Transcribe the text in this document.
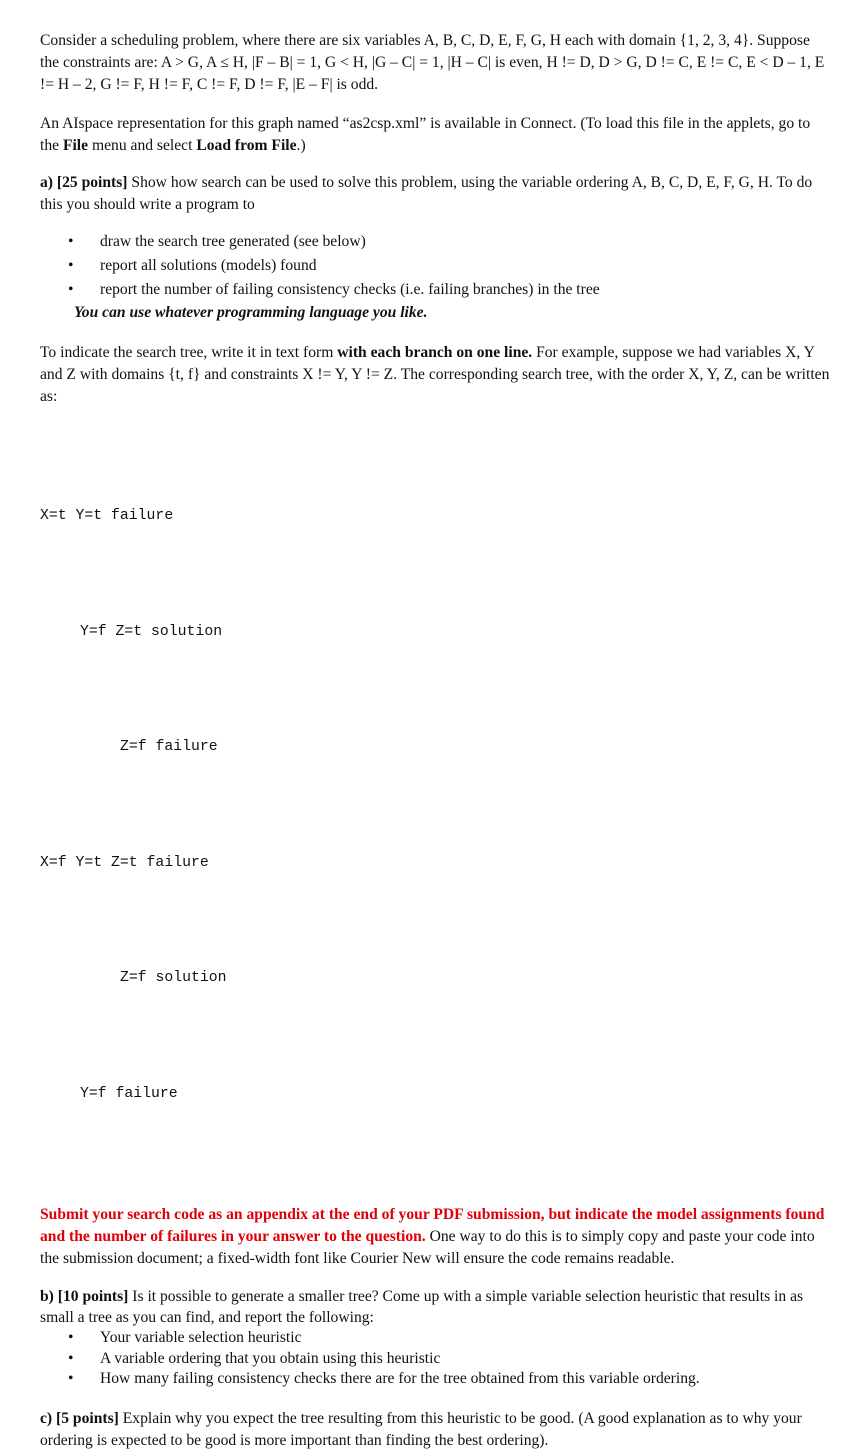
Consider a scheduling problem, where there are six variables A, B, C, D, E, F, G, H each with domain {1, 2, 3, 4}. Suppose the constraints are: A > G, A ≤ H, |F – B| = 1, G < H, |G – C| = 1, |H – C| is even, H != D, D > G, D != C, E != C, E < D – 1, E != H – 2, G != F, H != F, C != F, D != F, |E – F| is odd.

An AIspace representation for this graph named “as2csp.xml” is available in Connect. (To load this file in the applets, go to the File menu and select Load from File.)

a) [25 points] Show how search can be used to solve this problem, using the variable ordering A, B, C, D, E, F, G, H. To do this you should write a program to

• draw the search tree generated (see below)
• report all solutions (models) found
• report the number of failing consistency checks (i.e. failing branches) in the tree

You can use whatever programming language you like.

To indicate the search tree, write it in text form with each branch on one line. For example, suppose we had variables X, Y and Z with domains {t, f} and constraints X != Y, Y != Z. The corresponding search tree, with the order X, Y, Z, can be written as:

X=t Y=t failure

Y=f Z=t solution

Z=f failure

X=f Y=t Z=t failure

Z=f solution

Y=f failure

Submit your search code as an appendix at the end of your PDF submission, but indicate the model assignments found and the number of failures in your answer to the question. One way to do this is to simply copy and paste your code into the submission document; a fixed-width font like Courier New will ensure the code remains readable.

b) [10 points] Is it possible to generate a smaller tree? Come up with a simple variable selection heuristic that results in as small a tree as you can find, and report the following:

• Your variable selection heuristic
• A variable ordering that you obtain using this heuristic
• How many failing consistency checks there are for the tree obtained from this variable ordering.

c) [5 points] Explain why you expect the tree resulting from this heuristic to be good. (A good explanation as to why your ordering is expected to be good is more important than finding the best ordering).
